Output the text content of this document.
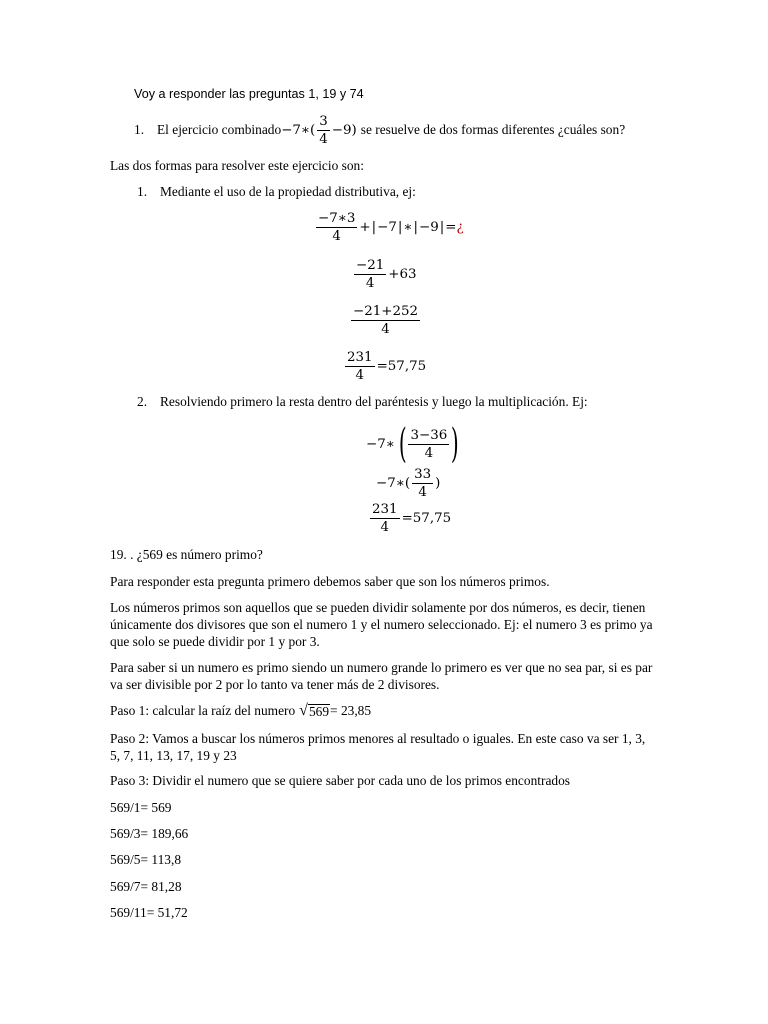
Voy a responder las preguntas 1, 19 y 74
1. El ejercicio combinado −7∗( $\frac{3}{4} -9$ ) se resuelve de dos formas diferentes ¿cuáles son?
Las dos formas para resolver este ejercicio son:
1. Mediante el uso de la propiedad distributiva, ej:
$\frac{-7∗3}{4}$ + | −7 | ∗ | −9 | = ¿
$\frac{-21}{4} +63$
$\frac{-21+252}{4}$
$\frac{231}{4} =57,75$
2. Resolviendo primero la resta dentro del paréntesis y luego la multiplicación. Ej:
−7∗ ( $\frac{3-36}{4}$ )
−7∗( $\frac{33}{4}$ )
$\frac{231}{4} =57,75$
19. . ¿569 es número primo?
Para responder esta pregunta primero debemos saber que son los números primos.
Los números primos son aquellos que se pueden dividir solamente por dos números, es decir, tienen únicamente dos divisores que son el numero 1 y el numero seleccionado. Ej: el numero 3 es primo ya que solo se puede dividir por 1 y por 3.
Para saber si un numero es primo siendo un numero grande lo primero es ver que no sea par, si es par va ser divisible por 2 por lo tanto va tener más de 2 divisores.
Paso 1: calcular la raíz del numero √ 569 = 23,85
Paso 2: Vamos a buscar los números primos menores al resultado o iguales. En este caso va ser 1, 3, 5, 7, 11, 13, 17, 19 y 23
Paso 3: Dividir el numero que se quiere saber por cada uno de los primos encontrados
569/1= 569
569/3= 189,66
569/5= 113,8
569/7= 81,28
569/11= 51,72
